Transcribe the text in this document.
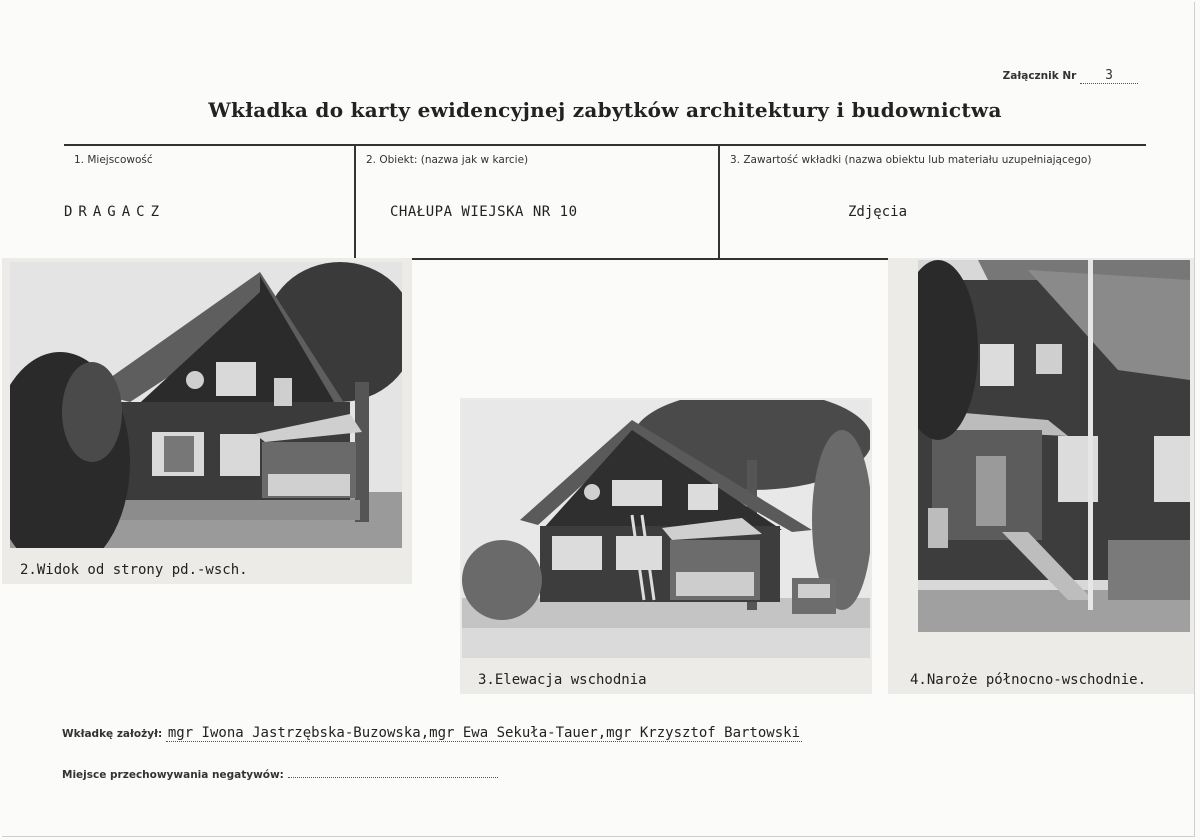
Załącznik Nr 3
Wkładka do karty ewidencyjnej zabytków architektury i budownictwa
1. Miejscowość
DRAGACZ
2. Obiekt: (nazwa jak w karcie)
CHAŁUPA WIEJSKA NR 10
3. Zawartość wkładki (nazwa obiektu lub materiału uzupełniającego)
Zdjęcia
2.Widok od strony pd.-wsch.
3.Elewacja wschodnia	4.Naroże północno-wschodnie.
Wkładkę założył: mgr Iwona Jastrzębska-Buzowska,mgr Ewa Sekuła-Tauer,mgr Krzysztof Bartowski
Miejsce przechowywania negatywów:
